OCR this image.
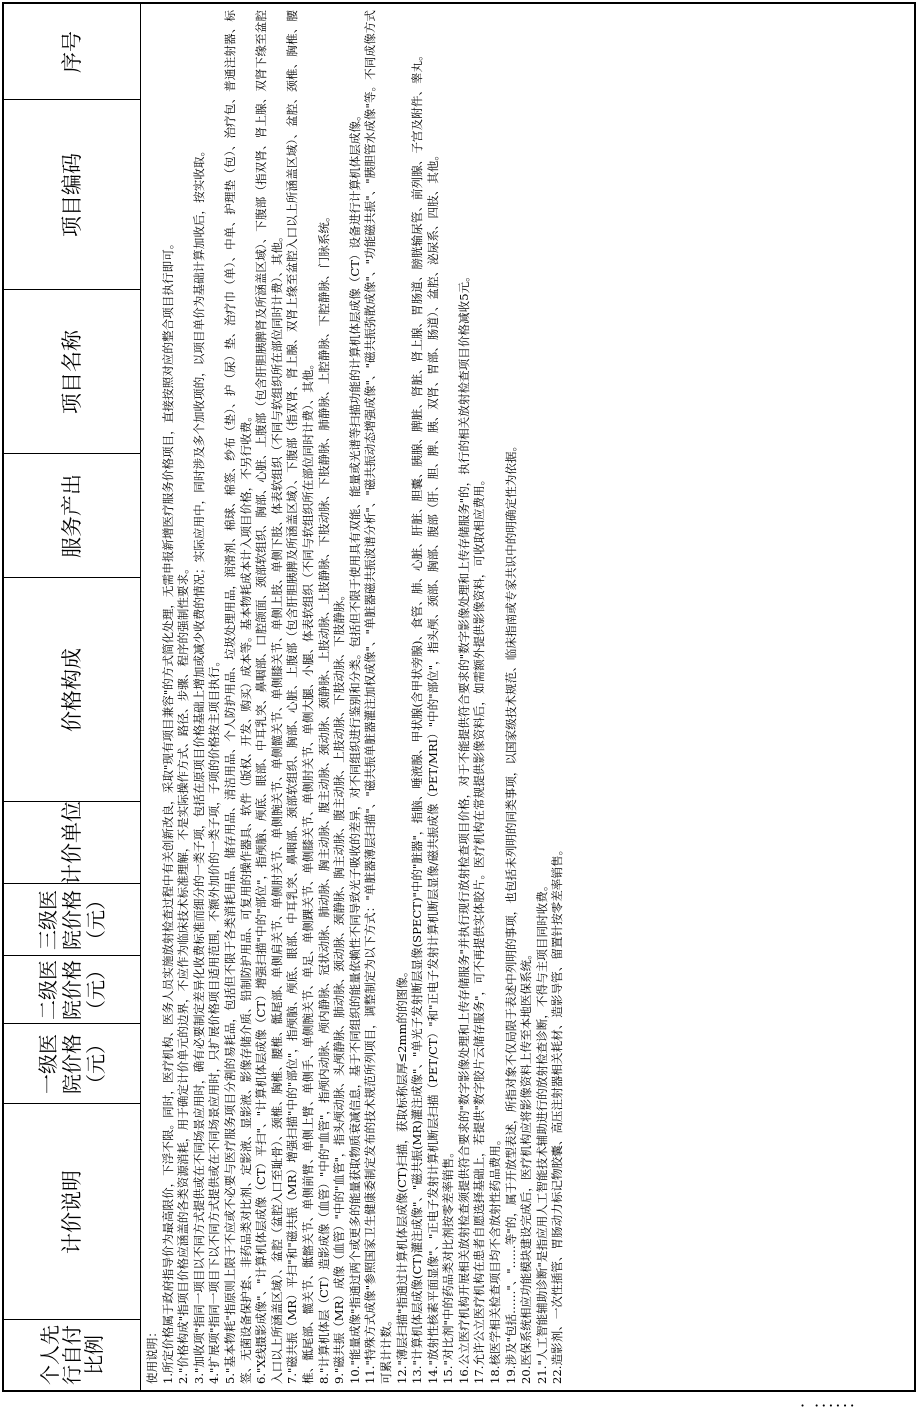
序号
项目编码
项目名称
服务产出
价格构成
计价单位
三级医院价格（元）
二级医院价格（元）
一级医院价格（元）
计价说明
个人先行自付比例	使用说明： 1.所定价格属于政府指导价为最高限价，下浮不限。同时，医疗机构、医务人员实施放射检查过程中有关创新改良，采取"现有项目兼容"的方式简化处理，无需申报新增医疗服务价格项目，直接按照对应的整合项目执行即可。 2."价格构成"指项目价格应涵盖的各类资源消耗，用于确定计价单元的边界，不应作为临床技术标准理解，不是实际操作方式、路径、步骤、程序的强制性要求。 3."加收项"指同一项目以不同方式提供或在不同场景应用时，确有必要制定差异化收费标准而细分的一类子项，包括在原项目价格基础上增加或减少收费的情况；实际应用中，同时涉及多个加收项的，以项目单价为基础计算加收后，按实收取。 4."扩展项"指同一项目下以不同方式提供或在不同场景应用时，只扩展价格项目适用范围，不额外加价的一类子项，子项的价格按主项目执行。 5."基本物耗"指原则上限于不应或不必要与医疗服务项目分割的易耗品，包括但不限于各类消耗用品、储存用品、清洁用品、个人防护用品、垃圾处理用品，润滑剂、棉球、棉签、纱布（垫）、护（尿）垫、治疗巾（单）、中单、护理垫（包）、治疗包、普通注射器、标签、无菌设备保护套、非药品类对比剂、定影液、显影液、影像存储介质、铅制防护用品、可复用的操作器具、软件（版权、开发、购买）成本等。基本物耗成本计入项目价格，不另行收费。 6."X线摄影成像"、"计算机体层成像（CT）平扫"、"计算机体层成像（CT）增强扫描"中的"部位"，指颅脑、颅底、眼部、中耳乳突、鼻咽部、口腔颌面、颈部软组织、胸部、心脏、上腹部（包含肝胆胰脾肾及所涵盖区域）、下腹部（指双肾、肾上腺、双肾下缘至盆腔入口以上所涵盖区域）、盆腔（盆腔入口至耻骨）、颈椎、胸椎、腰椎、骶尾部、单侧肩关节、单侧肘关节、单侧腕关节、单侧髋关节、单侧膝关节、单侧上肢、单侧下肢、体表软组织（不同与软组织所在部位同时计费）、其他。 7."磁共振（MR）平扫"和"磁共振（MR）增强扫描"中的"部位"，指颅脑、颅底、眼部、中耳乳突、鼻咽部、颈部软组织、胸部、心脏、上腹部（包含肝胆胰脾及所涵盖区域）、下腹部（指双肾、肾上腺、双肾上缘至盆腔入口以上所涵盖区域）、盆腔、颈椎、胸椎、腰椎、骶尾部、髋关节、骶髂关节、单侧前臂、单侧上臂、单侧手、单侧腕关节、单足、单侧踝关节、单侧膝关节、单侧肘关节、单侧大腿、小腿、体表软组织（不同与软组织所在部位同时计费）、其他。 8."计算机体层（CT）造影成像（血管）"中的"血管"，指颅内动脉、颅内静脉、冠状动脉、肺动脉、胸主动脉、腹主动脉、颈动脉、颈静脉、上肢动脉、上肢静脉、下肢动脉、下肢静脉、肺静脉、上腔静脉、下腔静脉、门脉系统。 9."磁共振（MR）成像（血管）"中的"血管"，指头颅动脉、头颅静脉、肺动脉、颈动脉、颈静脉、胸主动脉、腹主动脉、上肢动脉、下肢动脉、下肢静脉。 10."能量成像"指通过两个或更多的能量获取物质衰减信息，基于不同组织的能量依赖性不同导致光子吸收的差异，对不同组织进行鉴别和分类。包括但不限于使用具有双能、能量或光谱等扫描功能的计算机体层成像（CT）设备进行计算机体层成像。 11."特殊方式成像"参照国家卫生健康委制定发布的技术规范所列项目，调整制定为以下方式："单脏器薄层扫描"、"磁共振单脏器灌注加权成像"、"单脏器磁共振波谱分析"、"磁共振动态增强成像"、"磁共振弥散成像"、"功能磁共振"、"胰胆管水成像"等。不同成像方式可累计计数。 12."薄层扫描"指通过计算机体层成像(CT)扫描，获取标称层厚≤2mm的的图像。 13."计算机体层成像(CT)灌注成像"、"磁共振(MR)灌注成像"、"单光子发射断层显像(SPECT)"中的"脏器"，指脑、唾液腺、甲状腺(含甲状旁腺)、食管、肺、心脏、肝脏、胆囊、胰腺、脾脏、肾脏、肾上腺、胃肠道、膀胱输尿管、前列腺、子宫及附件、睾丸。 14."放射性核素平面显像"、"正电子发射计算机断层扫描（PET/CT）"和"正电子发射计算机断层显像/磁共振成像（PET/MRI）"中的"部位"，指头颅、颈部、胸部、腹部（肝、胆、脾、胰、双肾、胃部、肠道）、盆腔、泌尿系、四肢、其他。 15."对比剂"中的药品类对比剂按零差率销售。 16.公立医疗机构开展相关放射检查须提供符合要求的"数字影像处理和上传存储服务"并执行现行放射检查项目价格，对于不能提供符合要求的"数字影像处理和上传存储服务"的，执行的相关放射检查项目价格减收5元。 17.允许公立医疗机构在患者自愿选择基础上，若提供"数字胶片云储存服务"，可不再提供实体胶片。医疗机构在常规提供影像资料后，如需额外提供影像资料，可收取相应费用。 18.核医学相关检查项目均不含放射性药品费用。 19.涉及"包括……"、"……等"的，属于开放型表述，所指对象不仅局限于表述中列明的事项，也包括未列明的同类事项，以国家级技术规范、临床指南或专家共识中的明确定性为依据。 20.医保系统相应功能模块建设完成后，医疗机构应将影像资料上传至本地医保系统。 21."人工智能辅助诊断"是指应用人工智能技术辅助进行的放射检查诊断，不得与主项目同时收费。 22.造影剂、一次性插管、胃肠动力标记物胶囊、高压注射器相关耗材、造影导管、留置针按零差率销售。

· ······
